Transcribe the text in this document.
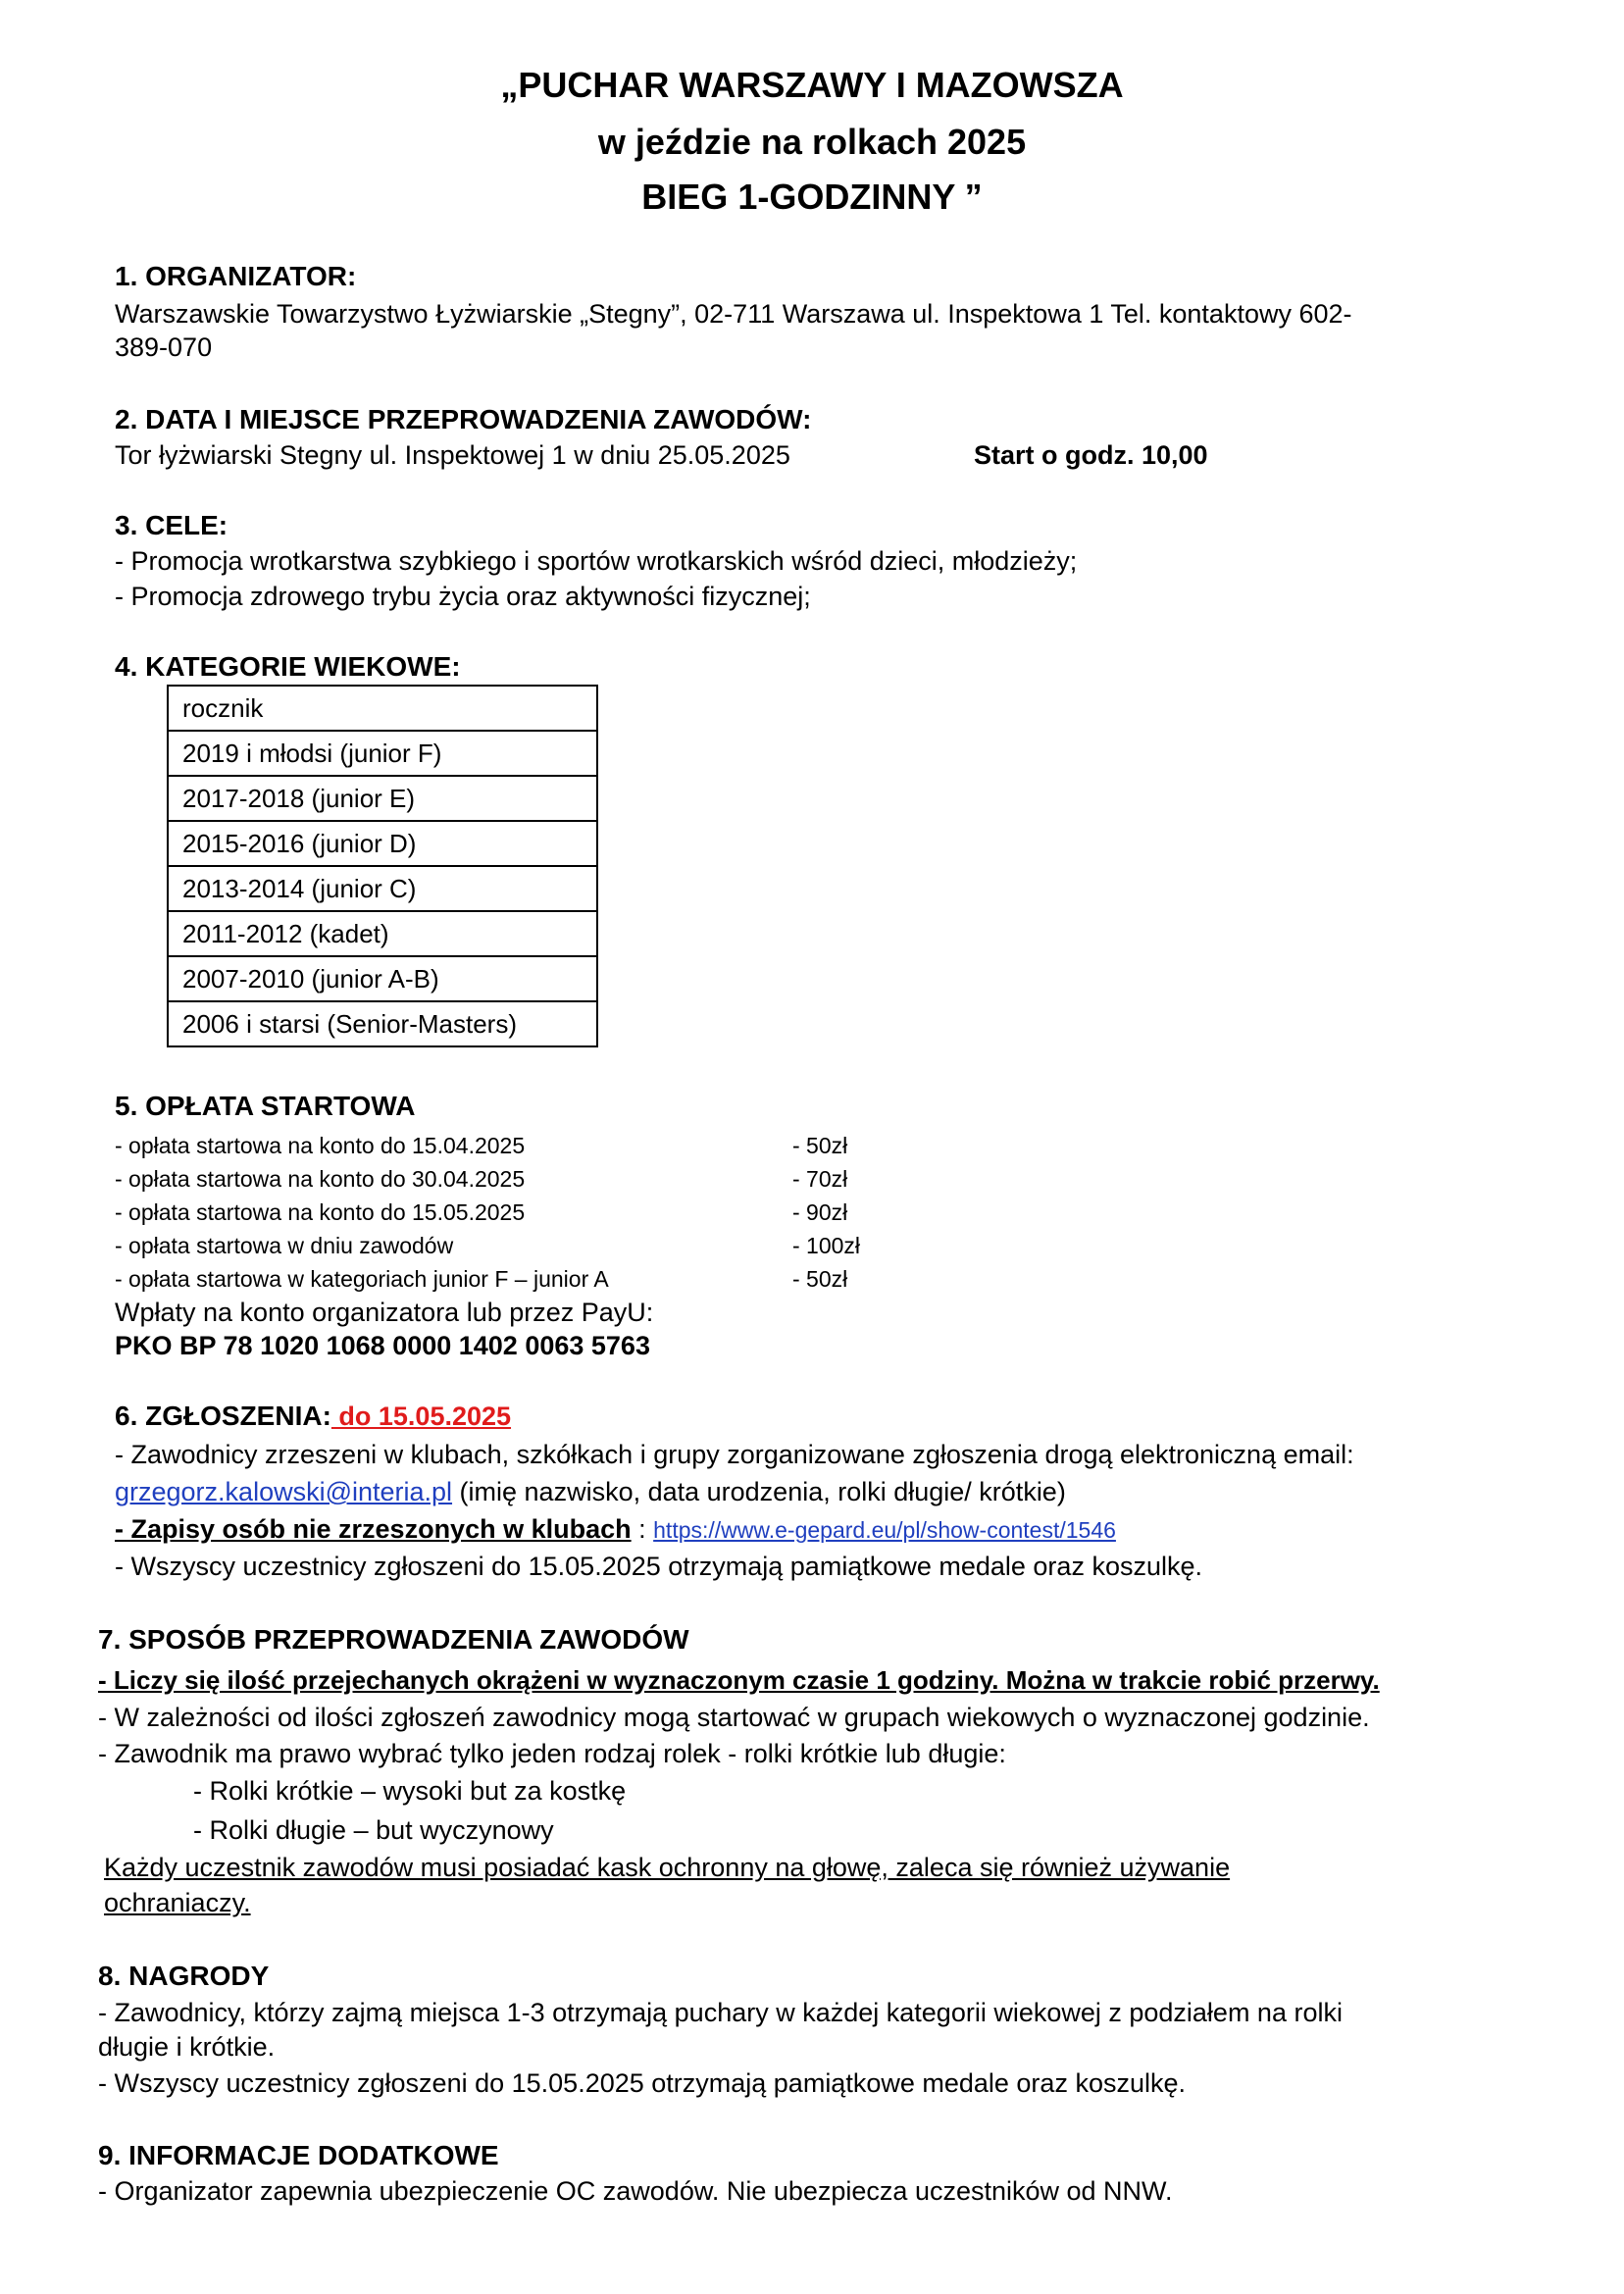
„PUCHAR WARSZAWY I MAZOWSZA
w jeździe na rolkach 2025
BIEG 1-GODZINNY ”
1. ORGANIZATOR:
Warszawskie Towarzystwo Łyżwiarskie „Stegny”, 02-711 Warszawa ul. Inspektowa 1 Tel. kontaktowy 602-
389-070
2. DATA I MIEJSCE PRZEPROWADZENIA ZAWODÓW:
Tor łyżwiarski Stegny ul. Inspektowej 1 w dniu 25.05.2025	Start o godz. 10,00
3. CELE:
- Promocja wrotkarstwa szybkiego i sportów wrotkarskich wśród dzieci, młodzieży;
- Promocja zdrowego trybu życia oraz aktywności fizycznej;
4. KATEGORIE WIEKOWE:
rocznik
2019 i młodsi (junior F)
2017-2018 (junior E)
2015-2016 (junior D)
2013-2014 (junior C)
2011-2012 (kadet)
2007-2010 (junior A-B)
2006 i starsi (Senior-Masters)
5. OPŁATA STARTOWA
- opłata startowa na konto do 15.04.2025	- 50zł
- opłata startowa na konto do 30.04.2025	- 70zł
- opłata startowa na konto do 15.05.2025	- 90zł
- opłata startowa w dniu zawodów	- 100zł
- opłata startowa w kategoriach junior F – junior A	- 50zł
Wpłaty na konto organizatora lub przez PayU:
PKO BP 78 1020 1068 0000 1402 0063 5763
6. ZGŁOSZENIA: do 15.05.2025
- Zawodnicy zrzeszeni w klubach, szkółkach i grupy zorganizowane zgłoszenia drogą elektroniczną email:
grzegorz.kalowski@interia.pl (imię nazwisko, data urodzenia, rolki długie/ krótkie)
- Zapisy osób nie zrzeszonych w klubach : https://www.e-gepard.eu/pl/show-contest/1546
- Wszyscy uczestnicy zgłoszeni do 15.05.2025 otrzymają pamiątkowe medale oraz koszulkę.
7. SPOSÓB PRZEPROWADZENIA ZAWODÓW
- Liczy się ilość przejechanych okrążeni w wyznaczonym czasie 1 godziny. Można w trakcie robić przerwy.
- W zależności od ilości zgłoszeń zawodnicy mogą startować w grupach wiekowych o wyznaczonej godzinie.
- Zawodnik ma prawo wybrać tylko jeden rodzaj rolek - rolki krótkie lub długie:
- Rolki krótkie – wysoki but za kostkę
- Rolki długie – but wyczynowy
Każdy uczestnik zawodów musi posiadać kask ochronny na głowę, zaleca się również używanie
ochraniaczy.
8. NAGRODY
- Zawodnicy, którzy zajmą miejsca 1-3 otrzymają puchary w każdej kategorii wiekowej z podziałem na rolki
długie i krótkie.
- Wszyscy uczestnicy zgłoszeni do 15.05.2025 otrzymają pamiątkowe medale oraz koszulkę.
9. INFORMACJE DODATKOWE
- Organizator zapewnia ubezpieczenie OC zawodów. Nie ubezpiecza uczestników od NNW.
